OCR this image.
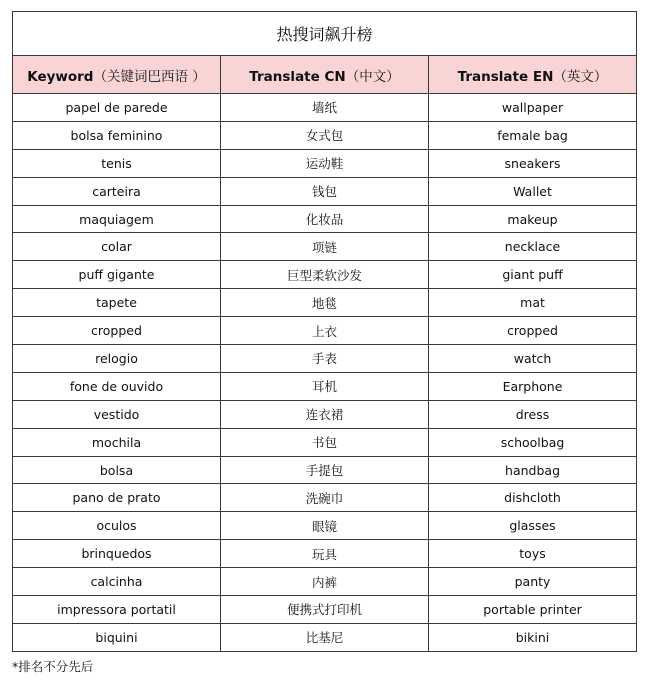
热搜词飙升榜		
Keyword（关键词巴西语 ）	Translate CN（中文）	Translate EN（英文）
papel de parede	墙纸	wallpaper
bolsa feminino	女式包	female bag
tenis	运动鞋	sneakers
carteira	钱包	Wallet
maquiagem	化妆品	makeup
colar	项链	necklace
puff gigante	巨型柔软沙发	giant puff
tapete	地毯	mat
cropped	上衣	cropped
relogio	手表	watch
fone de ouvido	耳机	Earphone
vestido	连衣裙	dress
mochila	书包	schoolbag
bolsa	手提包	handbag
pano de prato	洗碗巾	dishcloth
oculos	眼镜	glasses
brinquedos	玩具	toys
calcinha	内裤	panty
impressora portatil	便携式打印机	portable printer
biquini	比基尼	bikini
*排名不分先后
